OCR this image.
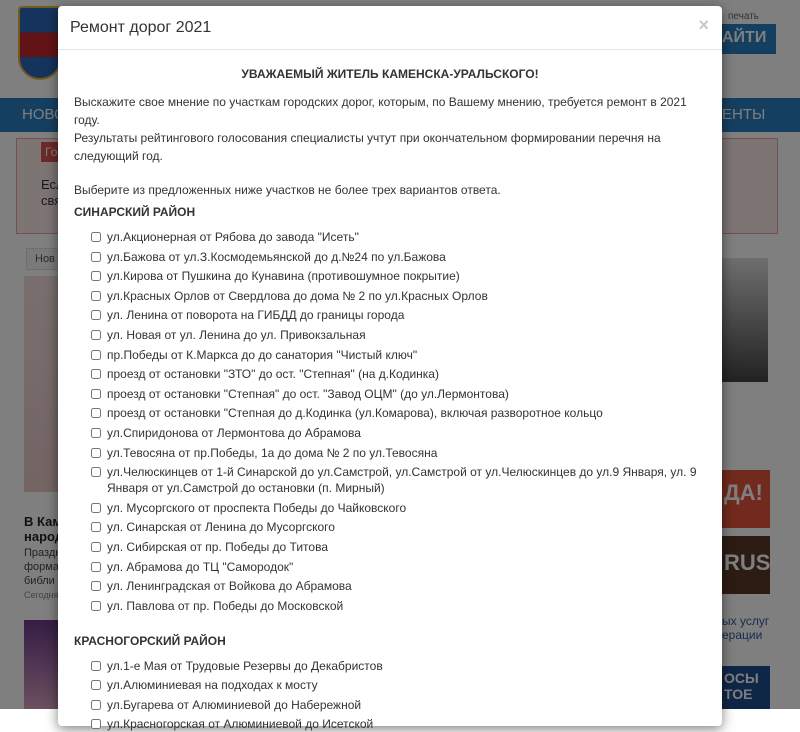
Ремонт дорог 2021	×
УВАЖАЕМЫЙ ЖИТЕЛЬ КАМЕНСКА-УРАЛЬСКОГО!
Выскажите свое мнение по участкам городских дорог, которым, по Вашему мнению, требуется ремонт в 2021 году.
Результаты рейтингового голосования специалисты учтут при окончательном формировании перечня на следующий год.
Выберите из предложенных ниже участков не более трех вариантов ответа.
СИНАРСКИЙ РАЙОН
ул.Акционерная от Рябова до завода "Исеть"
ул.Бажова от ул.З.Космодемьянской до д.№24 по ул.Бажова
ул.Кирова от Пушкина до Кунавина (противошумное покрытие)
ул.Красных Орлов от Свердлова до дома № 2 по ул.Красных Орлов
ул. Ленина от поворота на ГИБДД до границы города
ул. Новая от ул. Ленина до ул. Привокзальная
пр.Победы от К.Маркса до до санатория "Чистый ключ"
проезд от остановки "ЗТО" до ост. "Степная" (на д.Кодинка)
проезд от остановки "Степная" до ост. "Завод ОЦМ" (до ул.Лермонтова)
проезд от остановки "Степная до д.Кодинка (ул.Комарова), включая разворотное кольцо
ул.Спиридонова от Лермонтова до Абрамова
ул.Тевосяна от пр.Победы, 1а до дома № 2 по ул.Тевосяна
ул.Челюскинцев от 1-й Синарской до ул.Самстрой, ул.Самстрой от ул.Челюскинцев до ул.9 Января, ул. 9 Января от ул.Самстрой до остановки (п. Мирный)
ул. Мусоргского от проспекта Победы до Чайковского
ул. Синарская от Ленина до Мусоргского
ул. Сибирская от пр. Победы до Титова
ул. Абрамова до ТЦ "Самородок"
ул. Ленинградская от Войкова до Абрамова
ул. Павлова от пр. Победы до Московской
КРАСНОГОРСКИЙ РАЙОН
ул.1-е Мая от Трудовые Резервы до Декабристов
ул.Алюминиевая на подходах к мосту
ул.Бугарева от Алюминиевой до Набережной
ул.Красногорская от Алюминиевой до Исетской
